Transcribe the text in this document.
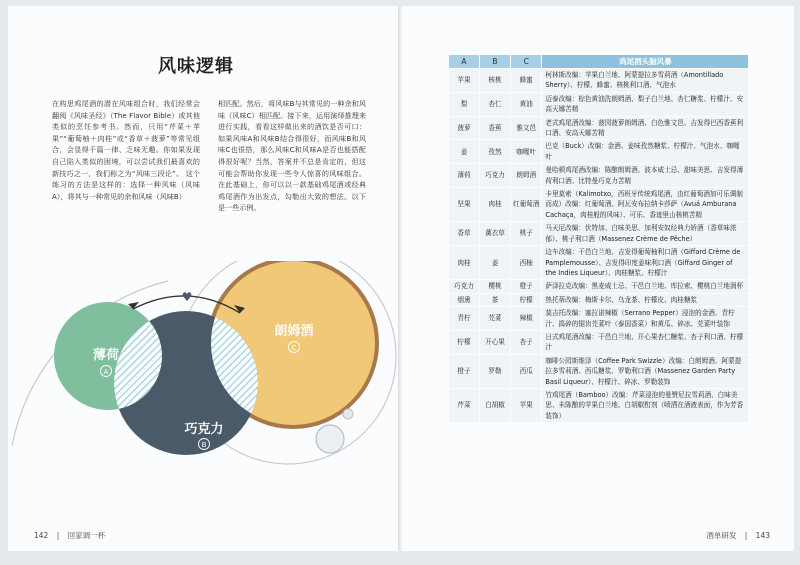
风味逻辑
在构思鸡尾酒的潜在风味组合时，我们经常会翻阅《风味圣经》（The Flavor Bible）或其他类似的烹饪参考书。然而，只用“芹菜＋苹果”“葡萄柚＋肉桂”或“香草＋菠萝”等常见组合，会显得千篇一律、乏味无趣。你如果发现自己陷入类似的困境，可以尝试我们最喜欢的新技巧之一，我们称之为“风味三段论”。 这个练习的方法是这样的：选择一种风味（风味A），将其与一种常见的余和风味（风味B）
相匹配。然后，将风味B与其常见的一种余和风味（风味C）相匹配。接下来，运用演绎推理来进行实践，看看这样做出来的酒饮是否可口：如果风味A和风味B结合得很好，而风味B和风味C也很搭，那么风味C和风味A是否也能搭配得很好呢？当然，答案并不总是肯定的，但这可能会帮助你发现一些令人惊喜的风味组合。在此基础上，你可以以一款基础鸡尾酒或经典鸡尾酒作为出发点，勾勒出大致的想法。以下是一些示例。
♥
薄荷
A
巧克力
B
朗姆酒
C
142 | 回家调一杯
A	B	C	鸡尾酒头脑风暴
苹果	核桃	蜂蜜	柯林斯改编：苹果白兰地、阿蒙提拉多雪莉酒（Amontillado Sherry）、柠檬、蜂蜜、核桃利口酒、气泡水
梨	杏仁	黄油	迈泰改编：棕色黄油洗朗姆酒、梨子白兰地、杏仁糖浆、柠檬汁、安高天娜苦精
菠萝	香蕉	雅文邑	老式鸡尾酒改编：菠园菠萝朗姆酒、白色雅文邑、吉发得巴西香蕉利口酒、安高天娜苦精
姜	孜然	咖喱叶	巴克（Buck）改编：金酒、姜味孜然糖浆、柠檬汁、气泡水、咖喱叶
薄荷	巧克力	朗姆酒	曼哈顿鸡尾酒改编：陈酿朗姆酒、波本威士忌、甜味美思、吉发得薄荷利口酒、比特曼巧克力苦精
坚果	肉桂	红葡萄酒	卡里莫索（Kalimotxo，西班牙传统鸡尾酒，由红葡萄酒加可乐调制而成）改编：红葡萄酒、阿瓦安布拉纳卡莎萨（Avuá Amburana Cachaça，肉桂般的风味）、可乐、香迹里山核桃苦精
香草	薰衣草	桃子	马天尼改编：伏特加、白味美思、加利安奴经典力娇酒（香草味浓郁）、桃子利口酒（Massenez Crème de Pêche）
肉桂	姜	西柚	边车改编：干邑白兰地、吉发得葡萄柚利口酒（Giffard Crème de Pamplemousse）、吉发得印度姜味利口酒（Giffard Ginger of the Indies Liqueur）、肉桂糖浆、柠檬汁
巧克力	樱桃	橙子	萨泽拉克改编：黑麦威士忌、干邑白兰地、库拉索、樱桃白兰地润杯
烟熏	茶	柠檬	热托蒂改编：梅斯卡尔、乌龙茶、柠檬皮、肉桂糖浆
青柠	芫荽	辣椒	莫吉托改编：塞拉诺辣椒（Serrano Pepper）浸泡的金酒、青柠汁、捣碎的锯齿芫荽叶（泰国香菜）和黄瓜、碎冰、芫荽叶装饰
柠檬	开心果	杏子	日式鸡尾酒改编：干邑白兰地、开心果杏仁糖浆、杏子利口酒、柠檬汁
橙子	罗勒	西瓜	咖啡公园斯维泽（Coffee Park Swizzle）改编：白朗姆酒、阿蒙提拉多雪莉酒、西瓜糖浆、罗勒利口酒（Massenez Garden Party Basil Liqueur）、柠檬汁、碎冰、罗勒装饰
芹菜	白胡椒	苹果	竹鸡尾酒（Bamboo）改编：芹菜浸泡的曼赞尼拉雪莉酒、白味美思、未陈酿的苹果白兰地、白胡椒酊剂（喷洒在酒液表面，作为芳香装饰）
酒单研发 | 143
